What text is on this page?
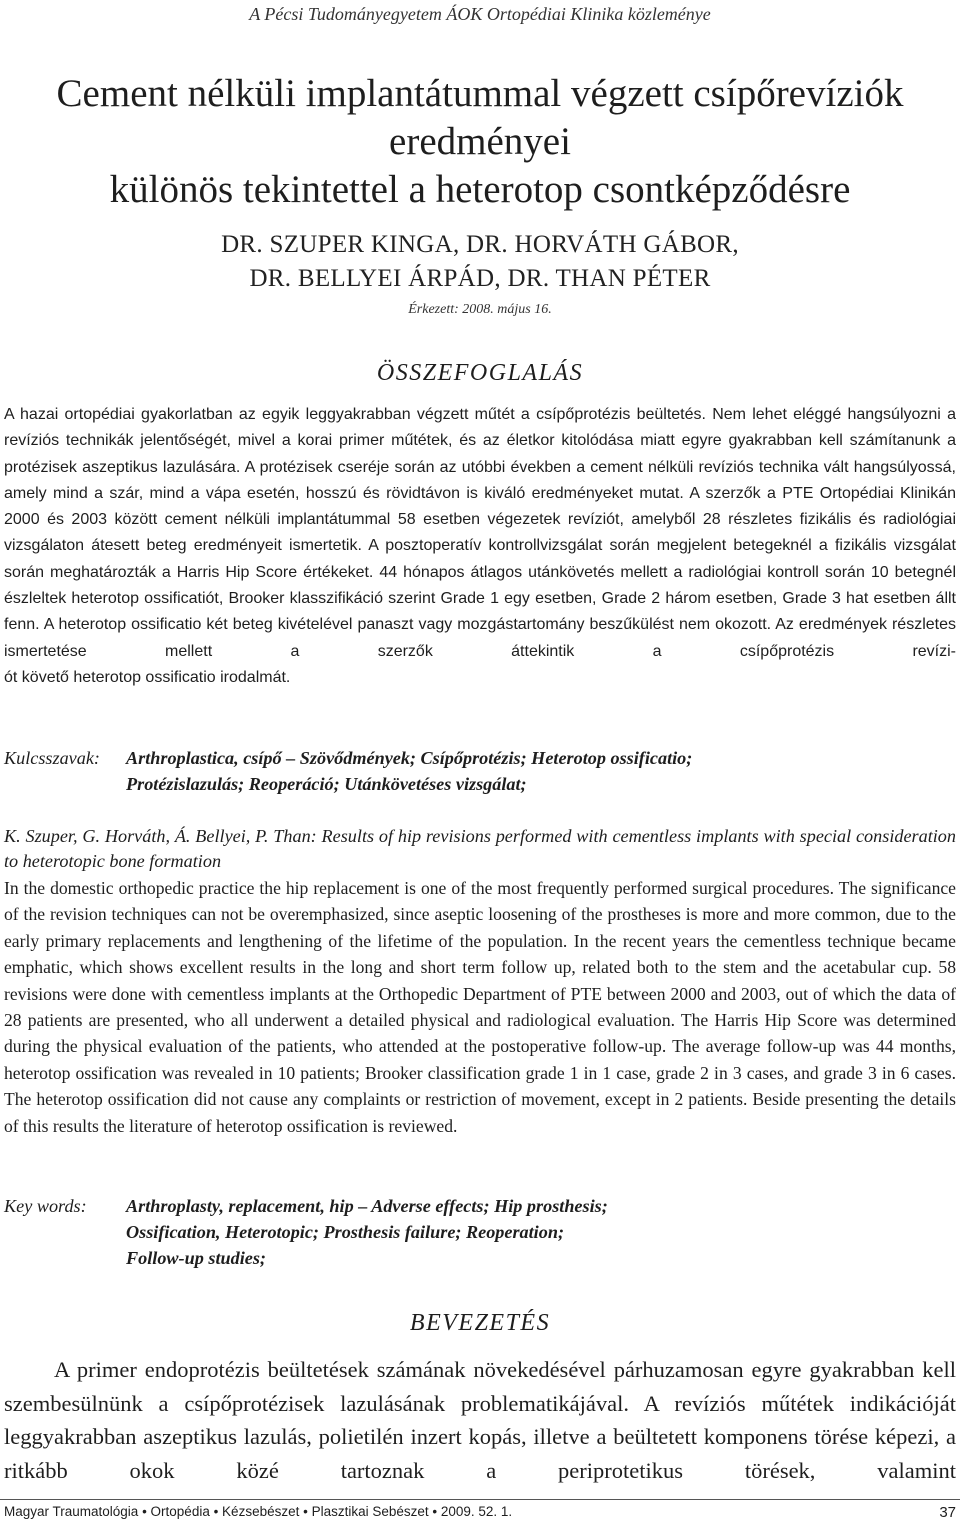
A Pécsi Tudományegyetem ÁOK Ortopédiai Klinika közleménye
Cement nélküli implantátummal végzett csípőrevíziók
eredményei
különös tekintettel a heterotop csontképződésre
DR. SZUPER KINGA, DR. HORVÁTH GÁBOR,
DR. BELLYEI ÁRPÁD, DR. THAN PÉTER
Érkezett: 2008. május 16.
ÖSSZEFOGLALÁS
A hazai ortopédiai gyakorlatban az egyik leggyakrabban végzett műtét a csípőprotézis beültetés. Nem lehet eléggé hangsúlyozni a revíziós technikák jelentőségét, mivel a korai primer műtétek, és az életkor kitolódása miatt egyre gyakrabban kell számítanunk a protézisek aszeptikus lazulására. A protézisek cseréje során az utóbbi években a cement nélküli revíziós technika vált hangsúlyossá, amely mind a szár, mind a vápa esetén, hosszú és rövidtávon is kiváló eredményeket mutat. A szerzők a PTE Ortopédiai Klinikán 2000 és 2003 között cement nélküli implantátummal 58 esetben végezetek revíziót, amelyből 28 részletes fizikális és radiológiai vizsgálaton átesett beteg eredményeit ismertetik. A posztoperatív kontrollvizsgálat során megjelent betegeknél a fizikális vizsgálat során meghatározták a Harris Hip Score értékeket. 44 hónapos átlagos utánkövetés mellett a radiológiai kontroll során 10 betegnél észleltek heterotop ossificatiót, Brooker klasszifikáció szerint Grade 1 egy esetben, Grade 2 három esetben, Grade 3 hat esetben állt fenn. A heterotop ossificatio két beteg kivételével panaszt vagy mozgástartomány beszűkülést nem okozott. Az eredmények részletes ismertetése mellett a szerzők áttekintik a csípőprotézis revízi-
ót követő heterotop ossificatio irodalmát.
Kulcsszavak: Arthroplastica, csípő – Szövődmények; Csípőprotézis; Heterotop ossificatio;
Protézislazulás; Reoperáció; Utánkövetéses vizsgálat;
K. Szuper, G. Horváth, Á. Bellyei, P. Than: Results of hip revisions performed with cementless implants with special consideration to heterotopic bone formation
In the domestic orthopedic practice the hip replacement is one of the most frequently performed surgical procedures. The significance of the revision techniques can not be overemphasized, since aseptic loosening of the prostheses is more and more common, due to the early primary replacements and lengthening of the lifetime of the population. In the recent years the cementless technique became emphatic, which shows excellent results in the long and short term follow up, related both to the stem and the acetabular cup. 58 revisions were done with cementless implants at the Orthopedic Department of PTE between 2000 and 2003, out of which the data of 28 patients are presented, who all underwent a detailed physical and radiological evaluation. The Harris Hip Score was determined during the physical evaluation of the patients, who attended at the postoperative follow-up. The average follow-up was 44 months, heterotop ossification was revealed in 10 patients; Brooker classification grade 1 in 1 case, grade 2 in 3 cases, and grade 3 in 6 cases. The heterotop ossification did not cause any complaints or restriction of movement, except in 2 patients. Beside presenting the details of this results the literature of heterotop ossification is reviewed.
Key words: Arthroplasty, replacement, hip – Adverse effects; Hip prosthesis;
Ossification, Heterotopic; Prosthesis failure; Reoperation;
Follow-up studies;
BEVEZETÉS
A primer endoprotézis beültetések számának növekedésével párhuzamosan egyre gyakrabban kell szembesülnünk a csípőprotézisek lazulásának problematikájával. A revíziós műtétek indikációját leggyakrabban aszeptikus lazulás, polietilén inzert kopás, illetve a beültetett komponens törése képezi, a ritkább okok közé tartoznak a periprotetikus törések, valamint
Magyar Traumatológia • Ortopédia • Kézsebészet • Plasztikai Sebészet • 2009. 52. 1.	37
